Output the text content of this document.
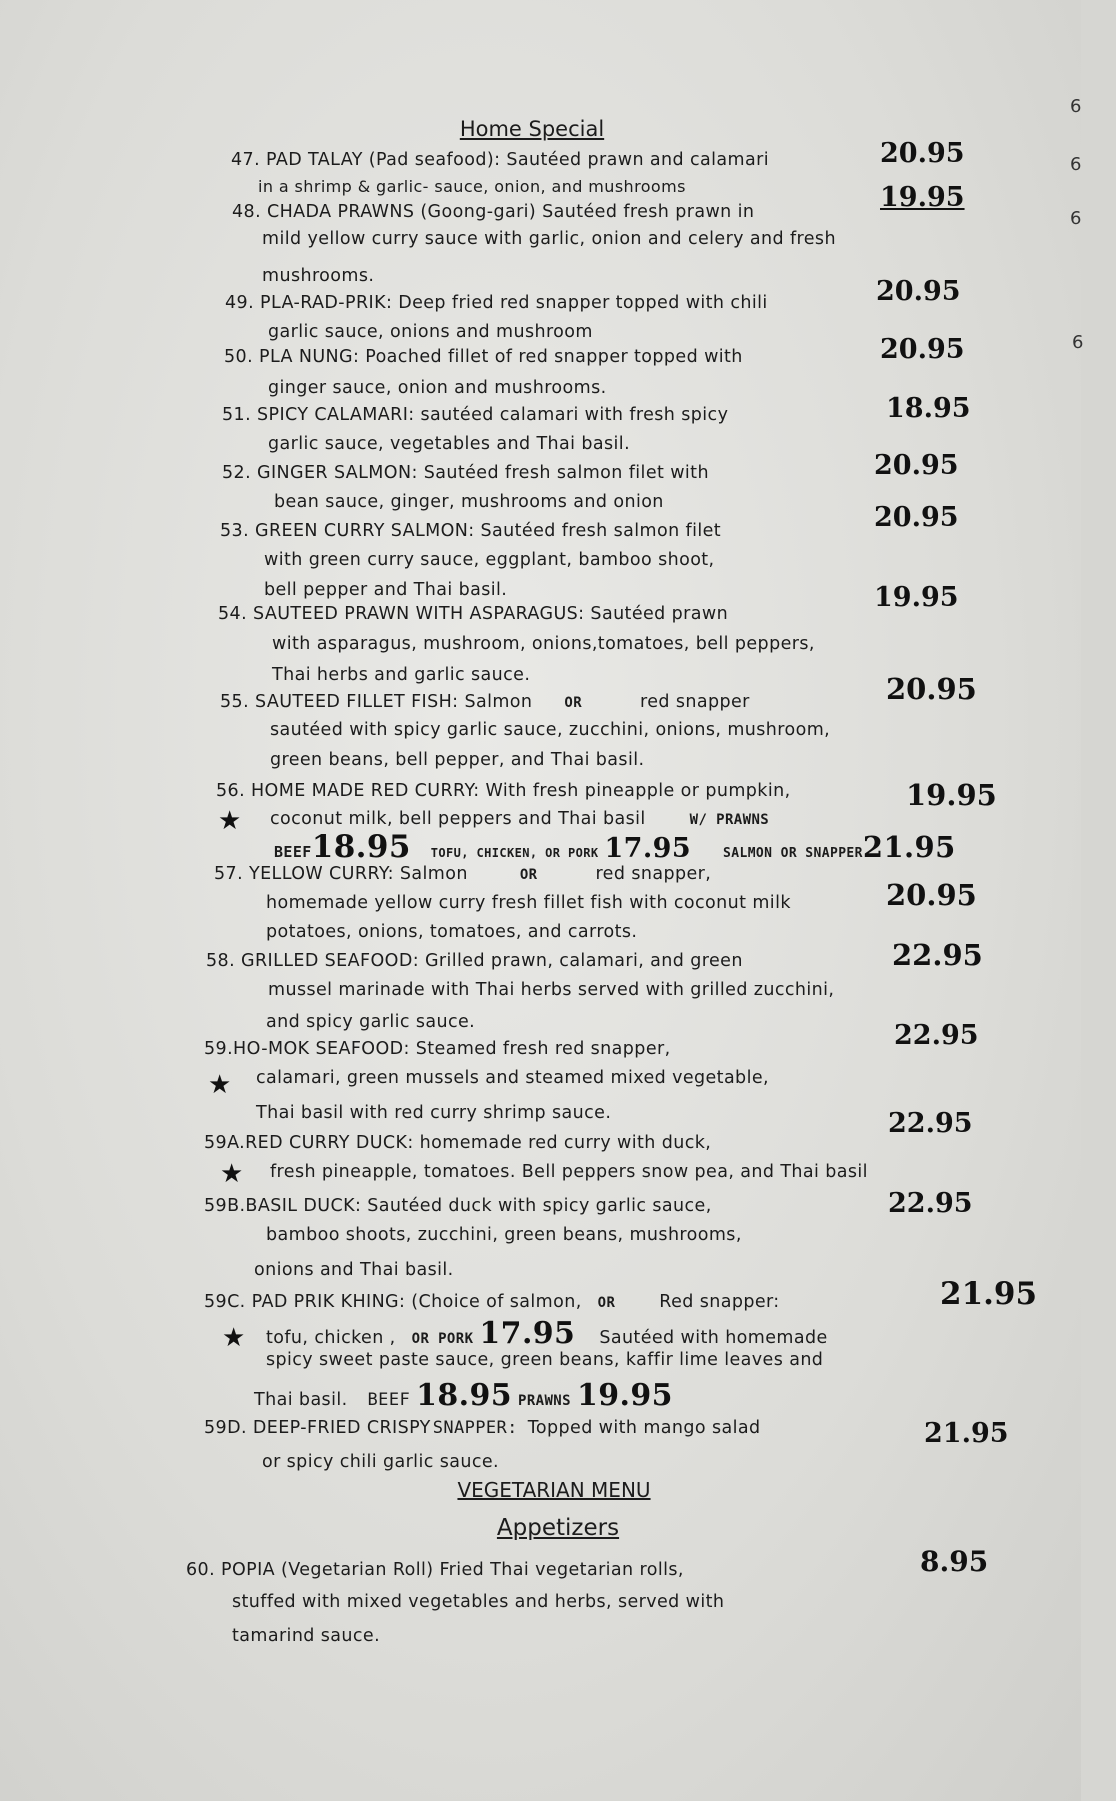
6
6
6
6
Home Special
47. PAD TALAY (Pad seafood): Sautéed prawn and calamari
in a shrimp & garlic- sauce, onion, and mushrooms
20.95
48. CHADA PRAWNS (Goong-gari) Sautéed fresh prawn in
mild yellow curry sauce with garlic, onion and celery and fresh
mushrooms.
19.95
49. PLA-RAD-PRIK: Deep fried red snapper topped with chili
garlic sauce, onions and mushroom
20.95
50. PLA NUNG: Poached fillet of red snapper topped with
ginger sauce, onion and mushrooms.
20.95
51. SPICY CALAMARI: sautéed calamari with fresh spicy
garlic sauce, vegetables and Thai basil.
18.95
52. GINGER SALMON: Sautéed fresh salmon filet with
bean sauce, ginger, mushrooms and onion
20.95
53. GREEN CURRY SALMON: Sautéed fresh salmon filet
with green curry sauce, eggplant, bamboo shoot,
bell pepper and Thai basil.
20.95
54. SAUTEED PRAWN WITH ASPARAGUS: Sautéed prawn
with asparagus, mushroom, onions,tomatoes, bell peppers,
Thai herbs and garlic sauce.
19.95
55. SAUTEED FILLET FISH: Salmon OR	red snapper
sautéed with spicy garlic sauce, zucchini, onions, mushroom,
green beans, bell pepper, and Thai basil.
20.95
56. HOME MADE RED CURRY: With fresh pineapple or pumpkin,
★ coconut milk, bell peppers and Thai basil	W/ PRAWNS
19.95
BEEF18.95 TOFU, CHICKEN, OR PORK 17.95 SALMON OR SNAPPER21.95
57. YELLOW CURRY: Salmon	OR	red snapper,
homemade yellow curry fresh fillet fish with coconut milk
potatoes, onions, tomatoes, and carrots.
20.95
58. GRILLED SEAFOOD: Grilled prawn, calamari, and green
mussel marinade with Thai herbs served with grilled zucchini,
and spicy garlic sauce.
22.95
59.HO-MOK SEAFOOD: Steamed fresh red snapper,
★ calamari, green mussels and steamed mixed vegetable,
Thai basil with red curry shrimp sauce.
22.95
59A.RED CURRY DUCK: homemade red curry with duck,
★ fresh pineapple, tomatoes. Bell peppers snow pea, and Thai basil
22.95
59B.BASIL DUCK: Sautéed duck with spicy garlic sauce,
bamboo shoots, zucchini, green beans, mushrooms,
onions and Thai basil.
22.95
59C. PAD PRIK KHING: (Choice of salmon, OR	Red snapper:	21.95
★ tofu, chicken , OR PORK 17.95 Sautéed with homemade
spicy sweet paste sauce, green beans, kaffir lime leaves and
Thai basil. BEEF 18.95 PRAWNS 19.95
59D. DEEP-FRIED CRISPY SNAPPER: Topped with mango salad
or spicy chili garlic sauce.
21.95
VEGETARIAN MENU
Appetizers
60. POPIA (Vegetarian Roll) Fried Thai vegetarian rolls,
stuffed with mixed vegetables and herbs, served with
tamarind sauce.
8.95
